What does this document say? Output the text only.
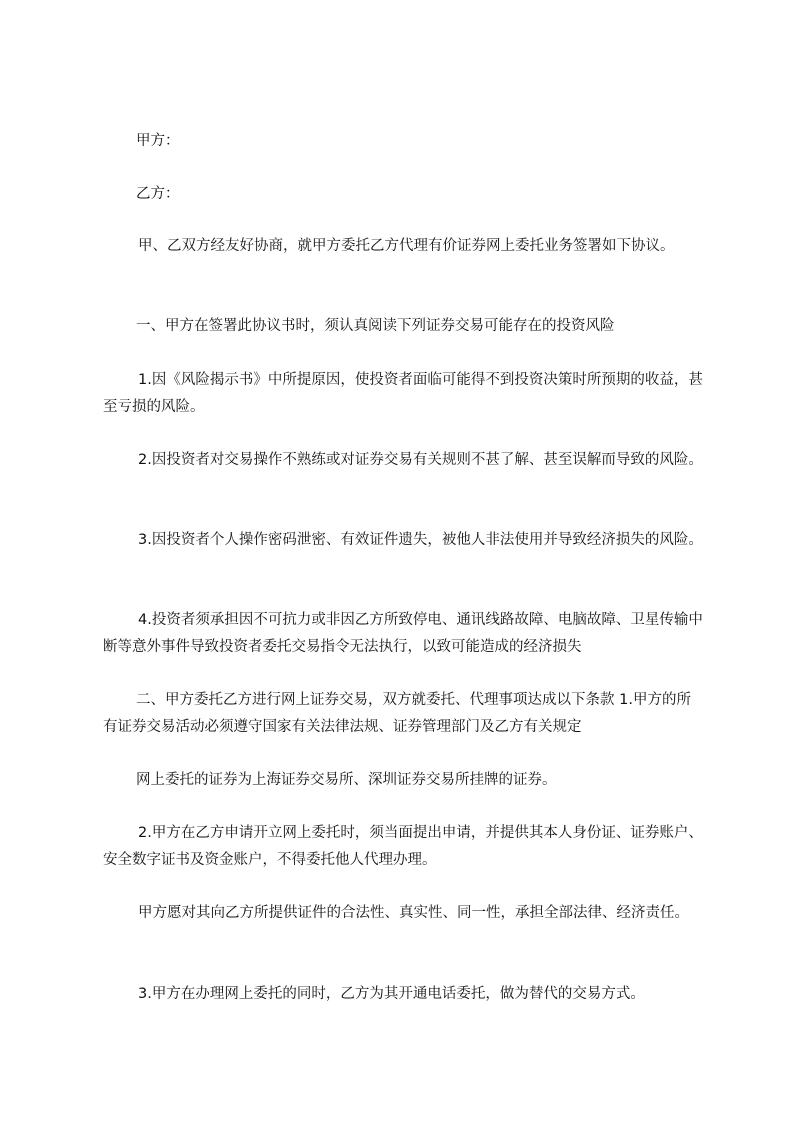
甲方：

乙方：

甲、乙双方经友好协商，就甲方委托乙方代理有价证券网上委托业务签署如下协议。

一、甲方在签署此协议书时，须认真阅读下列证券交易可能存在的投资风险

1.因《风险揭示书》中所提原因，使投资者面临可能得不到投资决策时所预期的收益，甚至亏损的风险。

2.因投资者对交易操作不熟练或对证券交易有关规则不甚了解、甚至误解而导致的风险。

3.因投资者个人操作密码泄密、有效证件遗失，被他人非法使用并导致经济损失的风险。

4.投资者须承担因不可抗力或非因乙方所致停电、通讯线路故障、电脑故障、卫星传输中断等意外事件导致投资者委托交易指令无法执行，以致可能造成的经济损失

二、甲方委托乙方进行网上证券交易，双方就委托、代理事项达成以下条款 1.甲方的所有证券交易活动必须遵守国家有关法律法规、证券管理部门及乙方有关规定

网上委托的证券为上海证券交易所、深圳证券交易所挂牌的证券。

2.甲方在乙方申请开立网上委托时，须当面提出申请，并提供其本人身份证、证券账户、安全数字证书及资金账户，不得委托他人代理办理。

甲方愿对其向乙方所提供证件的合法性、真实性、同一性，承担全部法律、经济责任。

3.甲方在办理网上委托的同时，乙方为其开通电话委托，做为替代的交易方式。
